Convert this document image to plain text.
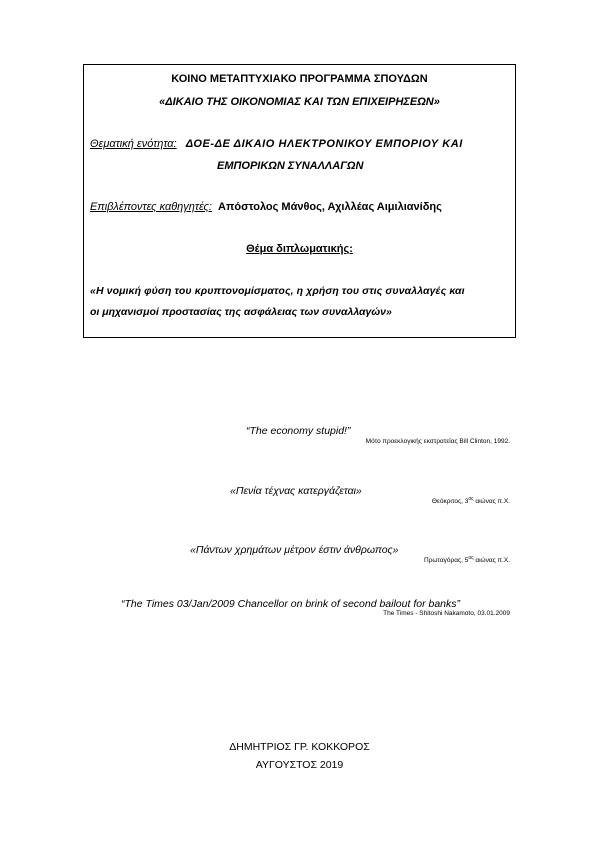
ΚΟΙΝΟ ΜΕΤΑΠΤΥΧΙΑΚΟ ΠΡΟΓΡΑΜΜΑ ΣΠΟΥΔΩΝ
«ΔΙΚΑΙΟ ΤΗΣ ΟΙΚΟΝΟΜΙΑΣ ΚΑΙ ΤΩΝ ΕΠΙΧΕΙΡΗΣΕΩΝ»
Θεματική ενότητα: ΔΟΕ-ΔΕ ΔΙΚΑΙΟ ΗΛΕΚΤΡΟΝΙΚΟΥ ΕΜΠΟΡΙΟΥ ΚΑΙ
ΕΜΠΟΡΙΚΩΝ ΣΥΝΑΛΛΑΓΩΝ
Επιβλέποντες καθηγητές: Απόστολος Μάνθος, Αχιλλέας Αιμιλιανίδης
Θέμα διπλωματικής:
«Η νομική φύση του κρυπτονομίσματος, η χρήση του στις συναλλαγές και
οι μηχανισμοί προστασίας της ασφάλειας των συναλλαγών»
“The economy stupid!”
Μότο προεκλογικής εκστρατείας Bill Clinton, 1992.
«Πενία τέχνας κατεργάζεται»
Θεόκριτος, $3^{o\varsigma}$ αιώνας π.Χ.
«Πάντων χρημάτων μέτρον έστιν άνθρωπος»
Πρωταγόρας, $5^{o\varsigma}$ αιώνας π.Χ.
“The Times 03/Jan/2009 Chancellor on brink of second bailout for banks”
The Times - Shitoshi Nakamoto, 03.01.2009
ΔΗΜΗΤΡΙΟΣ ΓΡ. ΚΟΚΚΟΡΟΣ
ΑΥΓΟΥΣΤΟΣ 2019
